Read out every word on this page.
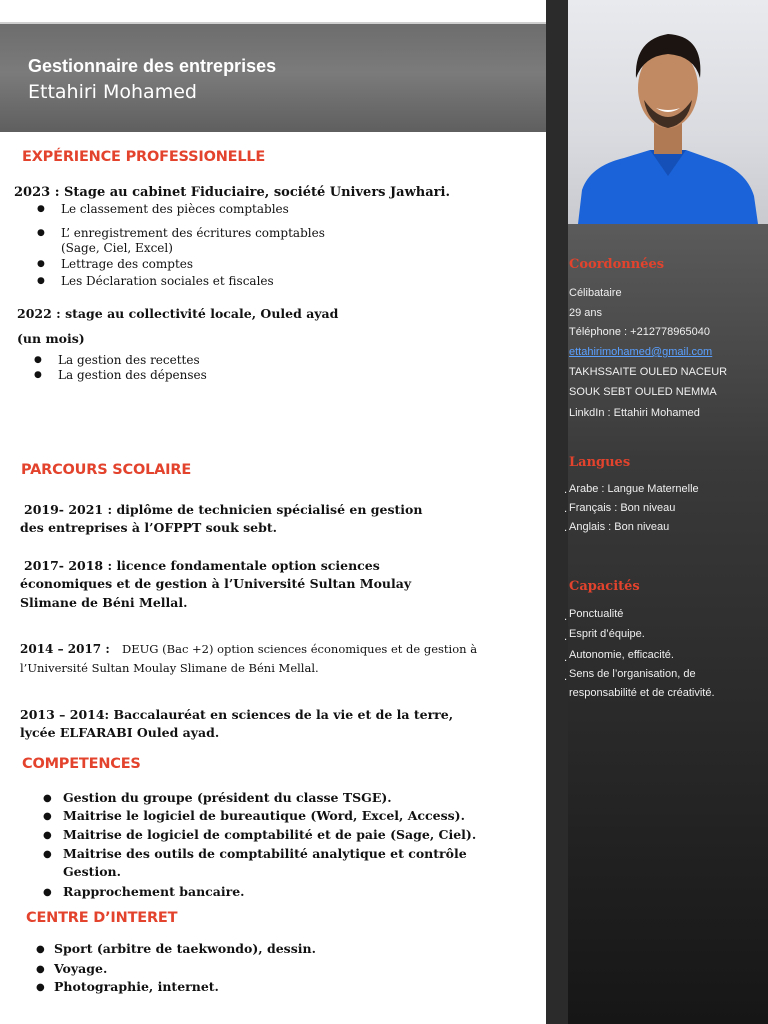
Gestionnaire des entreprises
Ettahiri Mohamed
Coordonnées
Célibataire
29 ans
Téléphone : +212778965040
ettahirimohamed@gmail.com
TAKHSSAITE OULED NACEUR
SOUK SEBT OULED NEMMA
LinkdIn : Ettahiri Mohamed
Langues
. Arabe : Langue Maternelle
. Français : Bon niveau
. Anglais : Bon niveau
Capacités
. Ponctualité
. Esprit d’équipe.
. Autonomie, efficacité.
. Sens de l’organisation, de
responsabilité et de créativité.
EXPÉRIENCE PROFESSIONELLE
2023 : Stage au cabinet Fiduciaire, société Univers Jawhari.
● Le classement des pièces comptables
● L’ enregistrement des écritures comptables
(Sage, Ciel, Excel)
● Lettrage des comptes
● Les Déclaration sociales et fiscales
2022 : stage au collectivité locale, Ouled ayad
(un mois)
● La gestion des recettes
● La gestion des dépenses
PARCOURS SCOLAIRE
2019- 2021 : diplôme de technicien spécialisé en gestion
des entreprises à l’OFPPT souk sebt.
2017- 2018 : licence fondamentale option sciences
économiques et de gestion à l’Université Sultan Moulay
Slimane de Béni Mellal.
2014 – 2017 : DEUG (Bac +2) option sciences économiques et de gestion à
l’Université Sultan Moulay Slimane de Béni Mellal.
2013 – 2014: Baccalauréat en sciences de la vie et de la terre,
lycée ELFARABI Ouled ayad.
COMPETENCES
● Gestion du groupe (président du classe TSGE).
● Maitrise le logiciel de bureautique (Word, Excel, Access).
● Maitrise de logiciel de comptabilité et de paie (Sage, Ciel).
● Maitrise des outils de comptabilité analytique et contrôle
Gestion.
● Rapprochement bancaire.
CENTRE D’INTERET
● Sport (arbitre de taekwondo), dessin.
● Voyage.
● Photographie, internet.
